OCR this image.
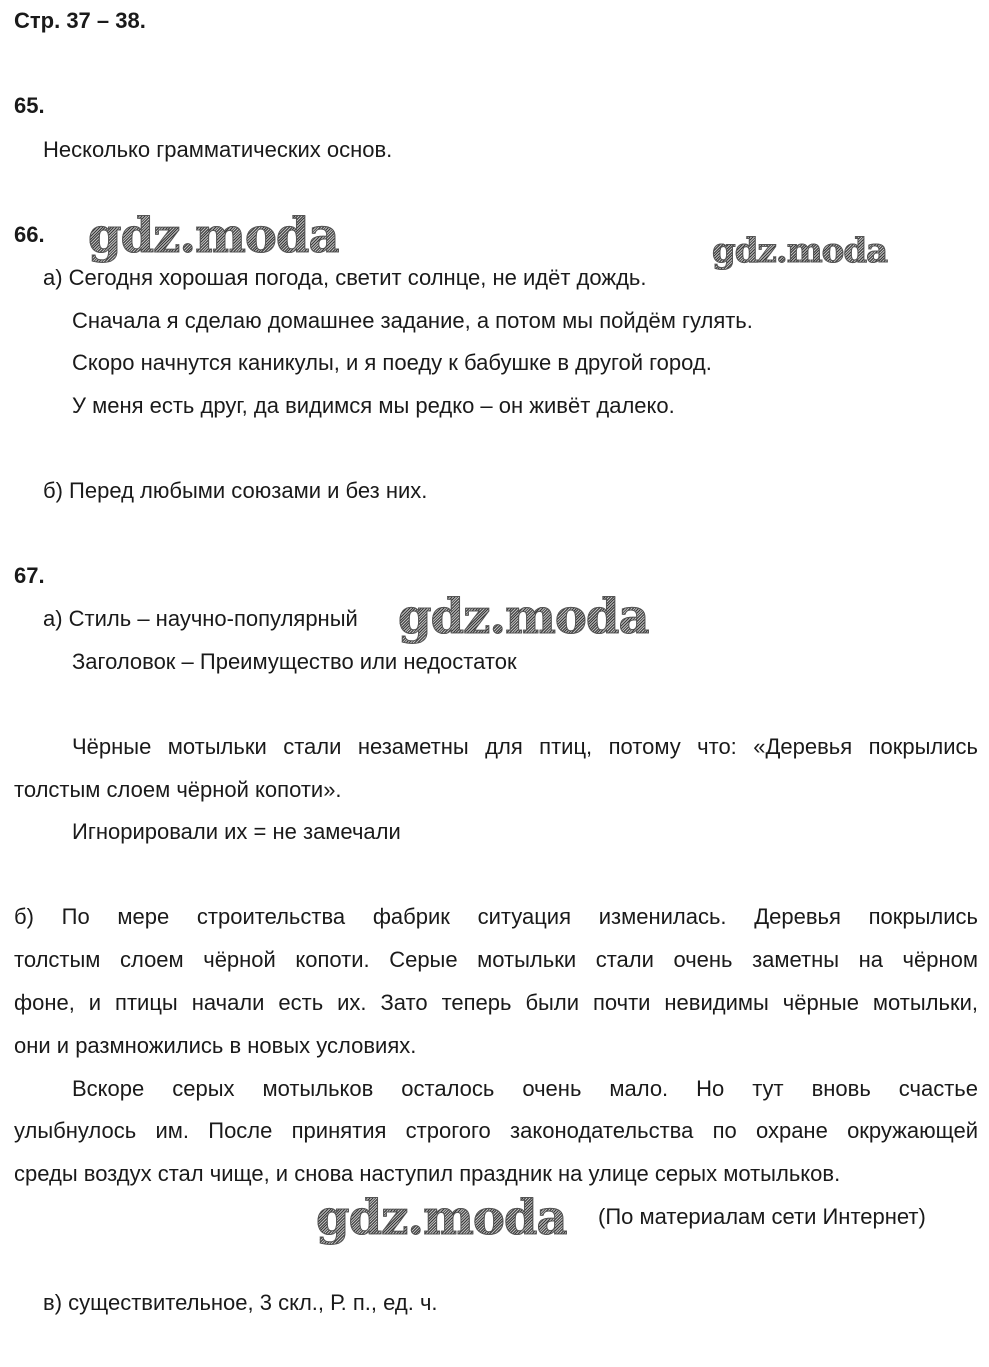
Стр. 37 – 38.
65.
Несколько грамматических основ.
66.
а) Сегодня хорошая погода, светит солнце, не идёт дождь.
Сначала я сделаю домашнее задание, а потом мы пойдём гулять.
Скоро начнутся каникулы, и я поеду к бабушке в другой город.
У меня есть друг, да видимся мы редко – он живёт далеко.
б) Перед любыми союзами и без них.
67.
а) Стиль – научно-популярный
Заголовок – Преимущество или недостаток
Чёрные мотыльки стали незаметны для птиц, потому что: «Деревья покрылись
толстым слоем чёрной копоти».
Игнорировали их = не замечали
б) По мере строительства фабрик ситуация изменилась. Деревья покрылись
толстым слоем чёрной копоти. Серые мотыльки стали очень заметны на чёрном
фоне, и птицы начали есть их. Зато теперь были почти невидимы чёрные мотыльки,
они и размножились в новых условиях.
Вскоре серых мотыльков осталось очень мало. Но тут вновь счастье
улыбнулось им. После принятия строгого законодательства по охране окружающей
среды воздух стал чище, и снова наступил праздник на улице серых мотыльков.
(По материалам сети Интернет)
в) существительное, 3 скл., Р. п., ед. ч.
gdz.moda	gdz.moda
gdz.moda
gdz.moda
